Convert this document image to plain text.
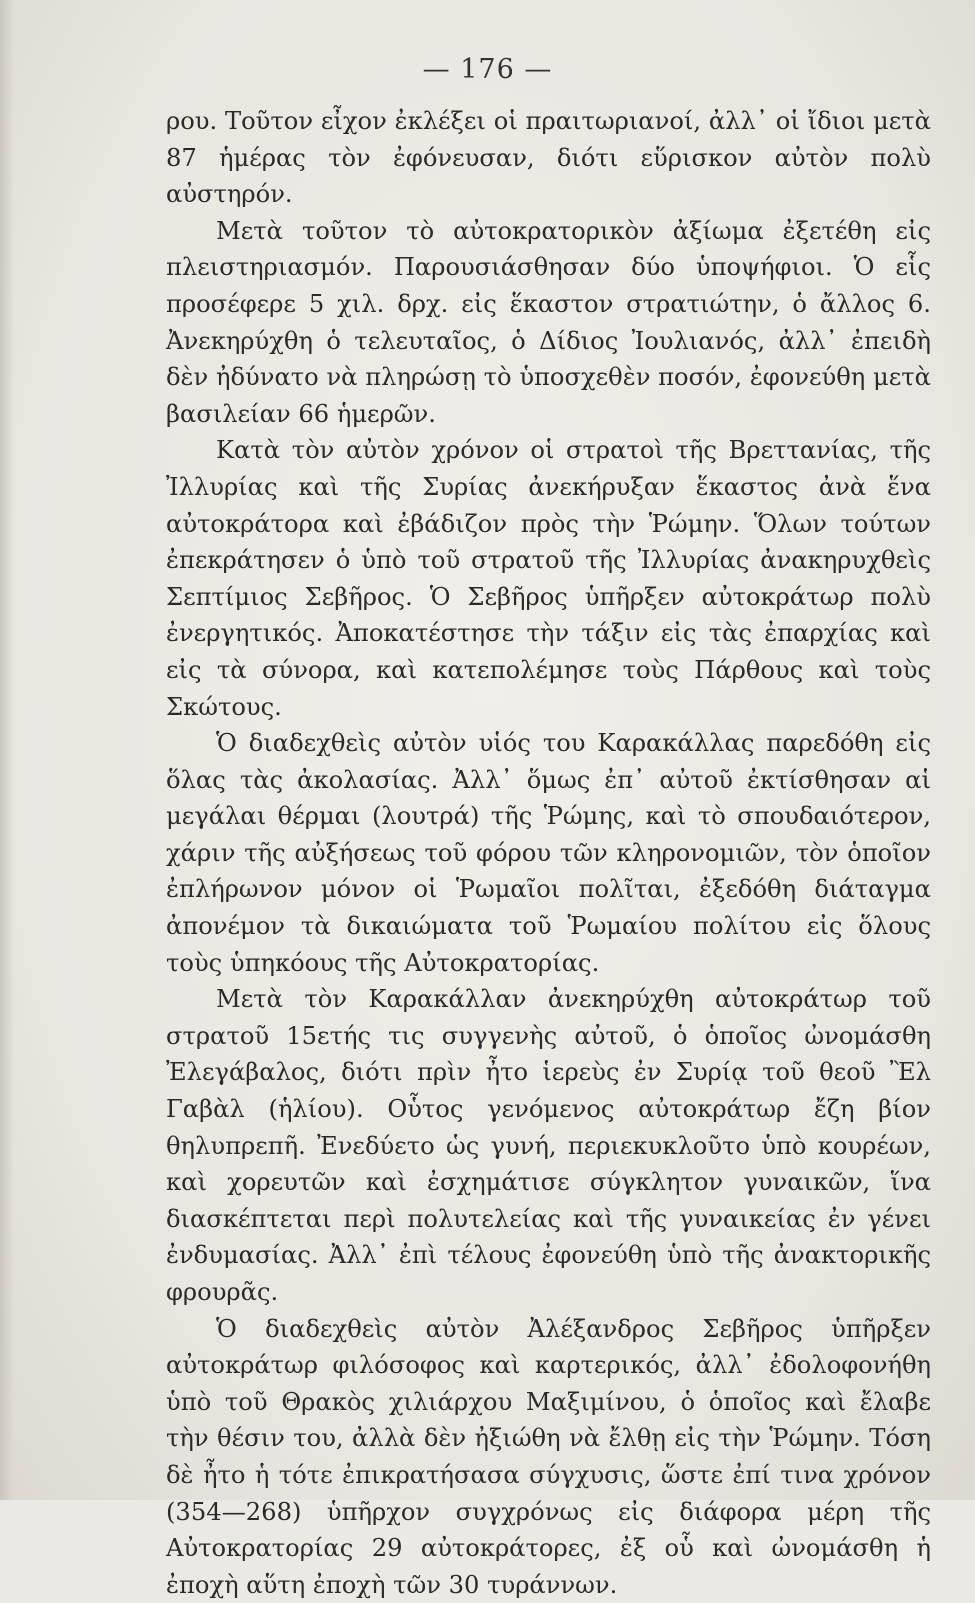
— 176 —

ρου. Τοῦτον εἶχον ἐκλέξει οἱ πραιτωριανοί, ἀλλ᾽ οἱ ἴδιοι μετὰ 87 ἡμέρας τὸν ἐφόνευσαν, διότι εὕρισκον αὐτὸν πολὺ αὐστηρόν.

Μετὰ τοῦτον τὸ αὐτοκρατορικὸν ἀξίωμα ἐξετέθη εἰς πλειστηριασμόν. Παρουσιάσθησαν δύο ὑποψήφιοι. Ὁ εἷς προσέφερε 5 χιλ. δρχ. εἰς ἕκαστον στρατιώτην, ὁ ἄλλος 6. Ἀνεκηρύχθη ὁ τελευταῖος, ὁ Δίδιος Ἰουλιανός, ἀλλ᾽ ἐπειδὴ δὲν ἠδύνατο νὰ πληρώσῃ τὸ ὑποσχεθὲν ποσόν, ἐφονεύθη μετὰ βασιλείαν 66 ἡμερῶν.

Κατὰ τὸν αὐτὸν χρόνον οἱ στρατοὶ τῆς Βρεττανίας, τῆς Ἰλλυρίας καὶ τῆς Συρίας ἀνεκήρυξαν ἕκαστος ἀνὰ ἕνα αὐτοκράτορα καὶ ἐβάδιζον πρὸς τὴν Ῥώμην. Ὅλων τούτων ἐπεκράτησεν ὁ ὑπὸ τοῦ στρατοῦ τῆς Ἰλλυρίας ἀνακηρυχθεὶς Σεπτίμιος Σεβῆρος. Ὁ Σεβῆρος ὑπῆρξεν αὐτοκράτωρ πολὺ ἐνεργητικός. Ἀποκατέστησε τὴν τάξιν εἰς τὰς ἐπαρχίας καὶ εἰς τὰ σύνορα, καὶ κατεπολέμησε τοὺς Πάρθους καὶ τοὺς Σκώτους.

Ὁ διαδεχθεὶς αὐτὸν υἱός του Καρακάλλας παρεδόθη εἰς ὅλας τὰς ἀκολασίας. Ἀλλ᾽ ὅμως ἐπ᾽ αὐτοῦ ἐκτίσθησαν αἱ μεγάλαι θέρμαι (λουτρά) τῆς Ῥώμης, καὶ τὸ σπουδαιότερον, χάριν τῆς αὐξήσεως τοῦ φόρου τῶν κληρονομιῶν, τὸν ὁποῖον ἐπλήρωνον μόνον οἱ Ῥωμαῖοι πολῖται, ἐξεδόθη διάταγμα ἀπονέμον τὰ δικαιώματα τοῦ Ῥωμαίου πολίτου εἰς ὅλους τοὺς ὑπηκόους τῆς Αὐτοκρατορίας.

Μετὰ τὸν Καρακάλλαν ἀνεκηρύχθη αὐτοκράτωρ τοῦ στρατοῦ 15ετής τις συγγενὴς αὐτοῦ, ὁ ὁποῖος ὠνομάσθη Ἐλεγάβαλος, διότι πρὶν ἦτο ἱερεὺς ἐν Συρίᾳ τοῦ θεοῦ Ἒλ Γαβὰλ (ἡλίου). Οὗτος γενόμενος αὐτοκράτωρ ἔζη βίον θηλυπρεπῆ. Ἐνεδύετο ὡς γυνή, περιεκυκλοῦτο ὑπὸ κουρέων, καὶ χορευτῶν καὶ ἐσχημάτισε σύγκλητον γυναικῶν, ἵνα διασκέπτεται περὶ πολυτελείας καὶ τῆς γυναικείας ἐν γένει ἐνδυμασίας. Ἀλλ᾽ ἐπὶ τέλους ἐφονεύθη ὑπὸ τῆς ἀνακτορικῆς φρουρᾶς.

Ὁ διαδεχθεὶς αὐτὸν Ἀλέξανδρος Σεβῆρος ὑπῆρξεν αὐτοκράτωρ φιλόσοφος καὶ καρτερικός, ἀλλ᾽ ἐδολοφονήθη ὑπὸ τοῦ Θρακὸς χιλιάρχου Μαξιμίνου, ὁ ὁποῖος καὶ ἔλαβε τὴν θέσιν του, ἀλλὰ δὲν ἠξιώθη νὰ ἔλθῃ εἰς τὴν Ῥώμην. Τόση δὲ ἦτο ἡ τότε ἐπικρατήσασα σύγχυσις, ὥστε ἐπί τινα χρόνον (354—268) ὑπῆρχον συγχρόνως εἰς διάφορα μέρη τῆς Αὐτοκρατορίας 29 αὐτοκράτορες, ἐξ οὗ καὶ ὠνομάσθη ἡ ἐποχὴ αὕτη ἐποχὴ τῶν 30 τυράννων.
